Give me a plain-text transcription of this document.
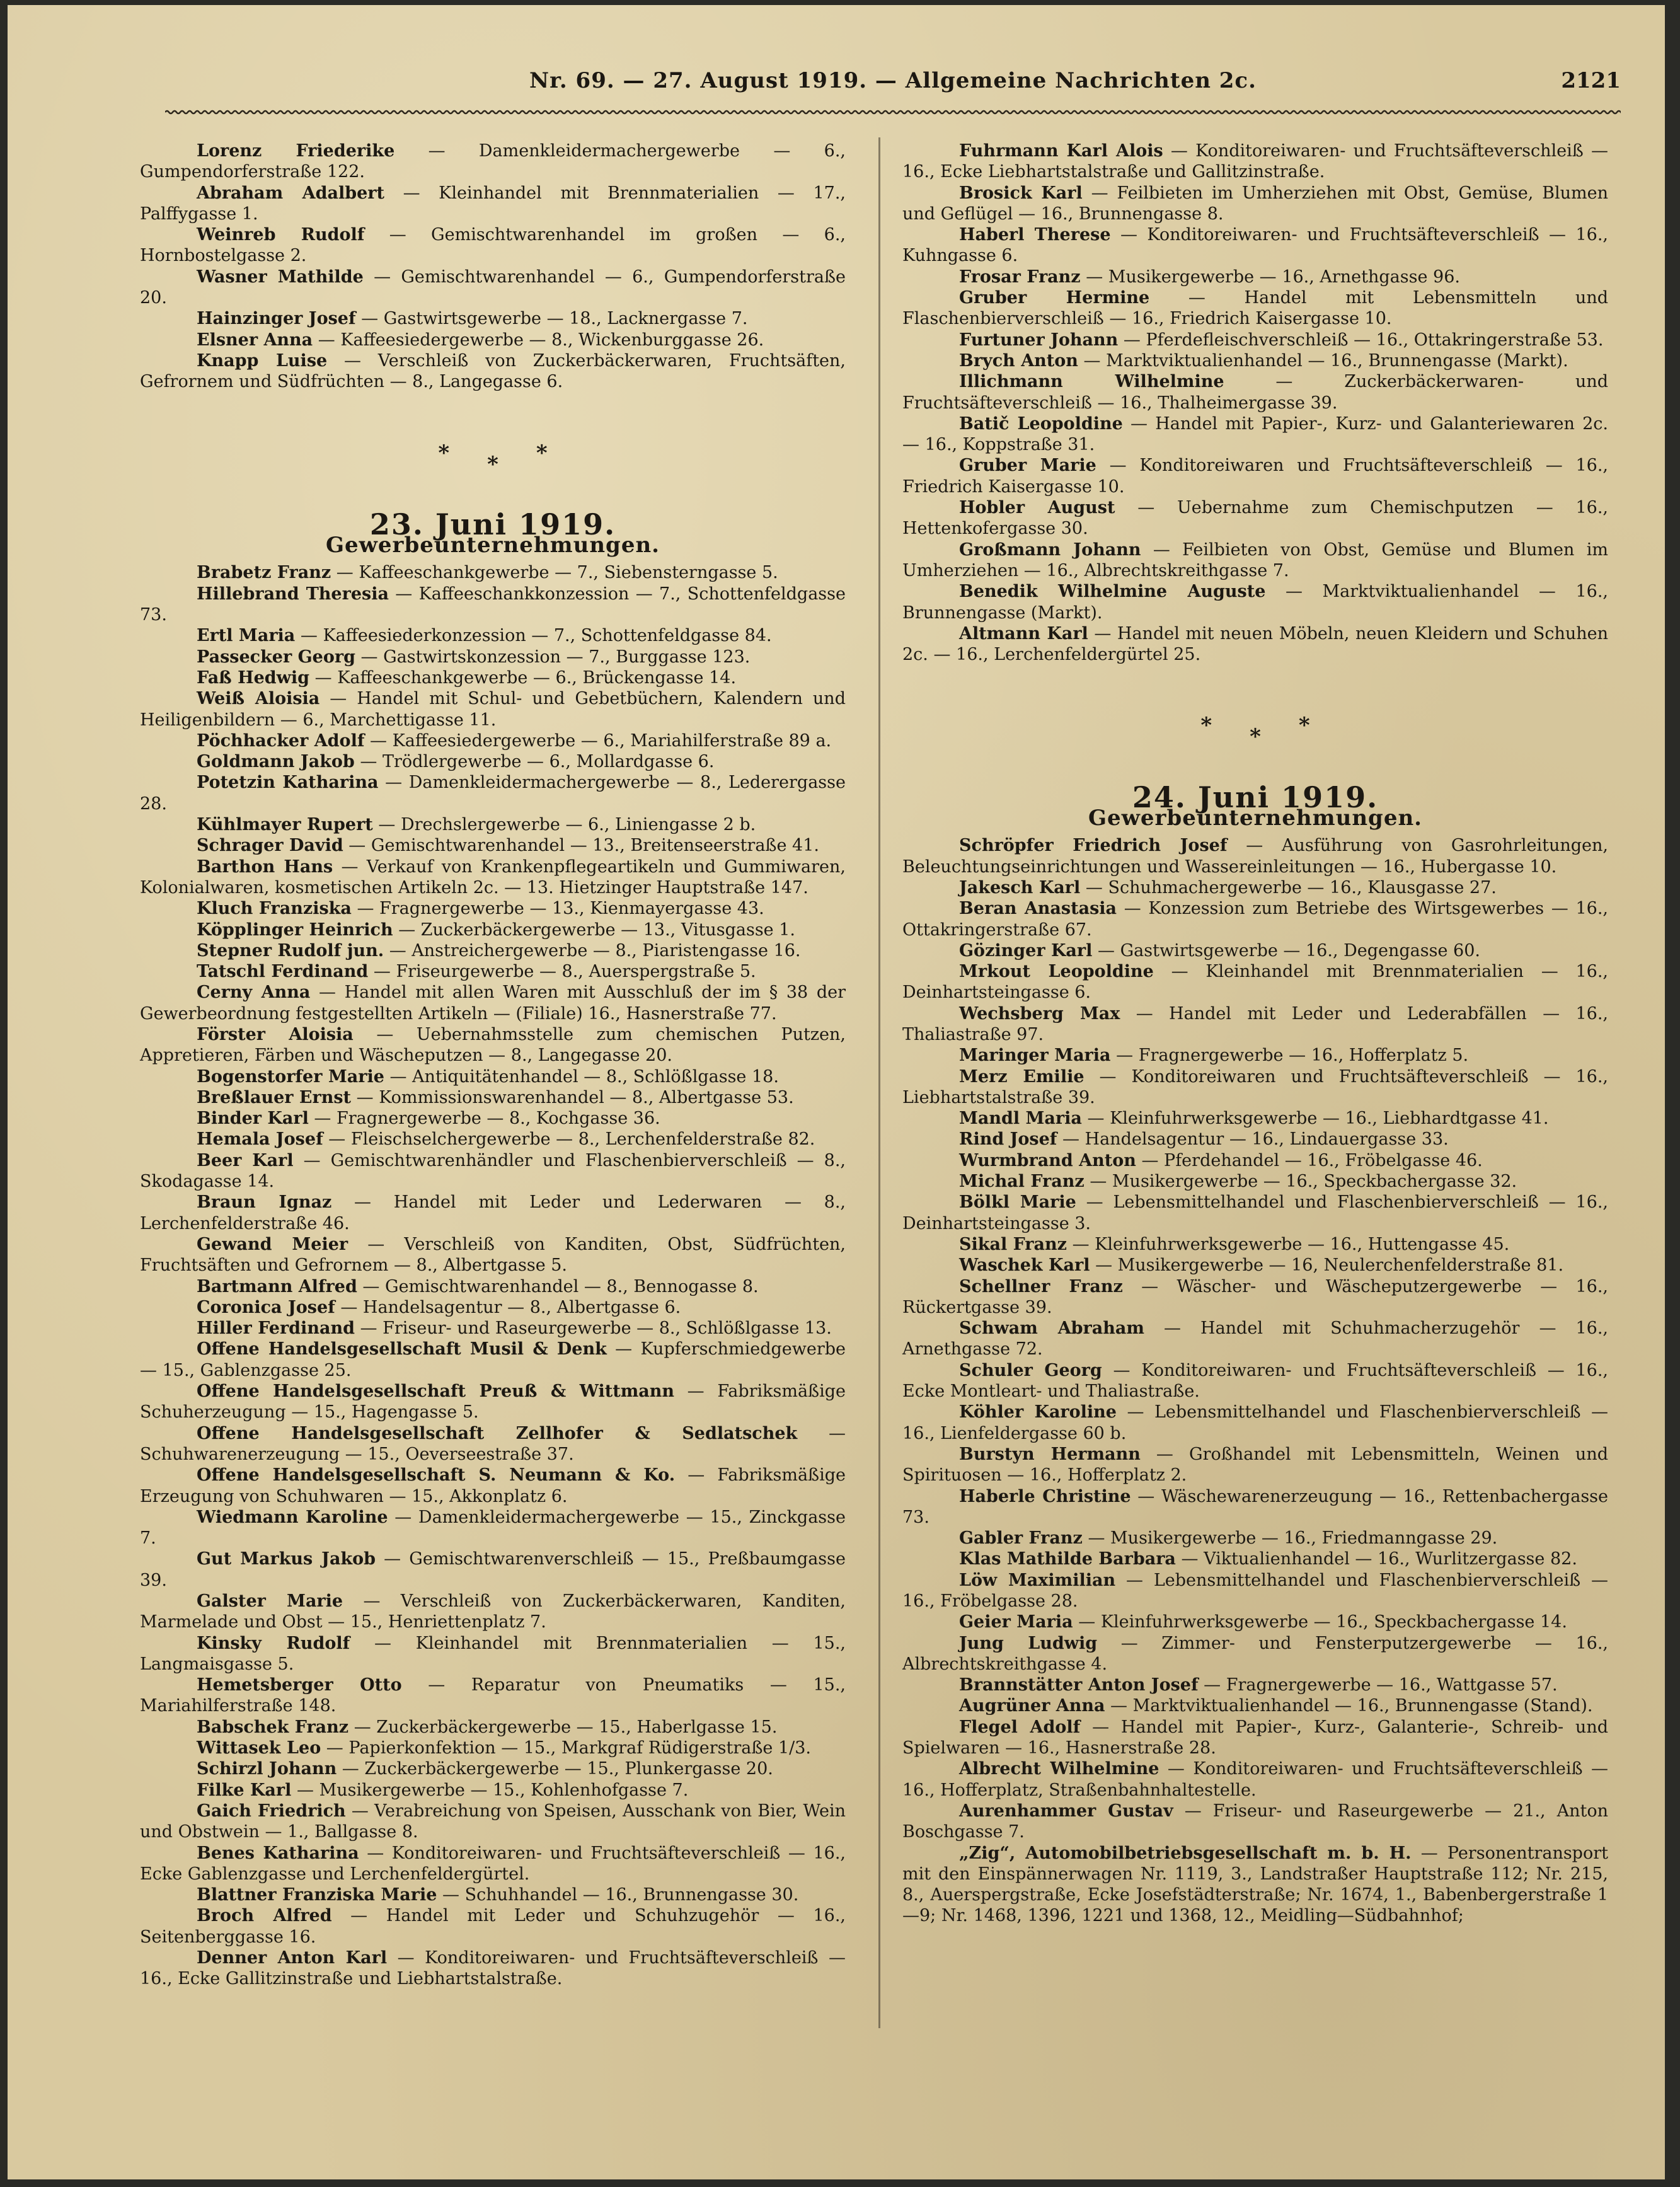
Nr. 69. — 27. August 1919. — Allgemeine Nachrichten 2c.	2121

Lorenz Friederike — Damenkleidermachergewerbe — 6., Gumpendorferstraße 122.

Abraham Adalbert — Kleinhandel mit Brennmaterialien — 17., Palffygasse 1.

Weinreb Rudolf — Gemischtwarenhandel im großen — 6., Hornbostelgasse 2.

Wasner Mathilde — Gemischtwarenhandel — 6., Gumpendorferstraße 20.

Hainzinger Josef — Gastwirtsgewerbe — 18., Lacknergasse 7.

Elsner Anna — Kaffeesiedergewerbe — 8., Wickenburggasse 26.

Knapp Luise — Verschleiß von Zuckerbäckerwaren, Fruchtsäften, Gefrornem und Südfrüchten — 8., Langegasse 6.

***

23. Juni 1919.

Gewerbeunternehmungen.

Brabetz Franz — Kaffeeschankgewerbe — 7., Siebensterngasse 5.

Hillebrand Theresia — Kaffeeschankkonzession — 7., Schottenfeldgasse 73.

Ertl Maria — Kaffeesiederkonzession — 7., Schottenfeldgasse 84.

Passecker Georg — Gastwirtskonzession — 7., Burggasse 123.

Faß Hedwig — Kaffeeschankgewerbe — 6., Brückengasse 14.

Weiß Aloisia — Handel mit Schul- und Gebetbüchern, Kalendern und Heiligenbildern — 6., Marchettigasse 11.

Pöchhacker Adolf — Kaffeesiedergewerbe — 6., Mariahilferstraße 89 a.

Goldmann Jakob — Trödlergewerbe — 6., Mollardgasse 6.

Potetzin Katharina — Damenkleidermachergewerbe — 8., Lederergasse 28.

Kühlmayer Rupert — Drechslergewerbe — 6., Liniengasse 2 b.

Schrager David — Gemischtwarenhandel — 13., Breitenseerstraße 41.

Barthon Hans — Verkauf von Krankenpflegeartikeln und Gummiwaren, Kolonialwaren, kosmetischen Artikeln 2c. — 13. Hietzinger Hauptstraße 147.

Kluch Franziska — Fragnergewerbe — 13., Kienmayergasse 43.

Köpplinger Heinrich — Zuckerbäckergewerbe — 13., Vitusgasse 1.

Stepner Rudolf jun. — Anstreichergewerbe — 8., Piaristengasse 16.

Tatschl Ferdinand — Friseurgewerbe — 8., Auerspergstraße 5.

Cerny Anna — Handel mit allen Waren mit Ausschluß der im § 38 der Gewerbeordnung festgestellten Artikeln — (Filiale) 16., Hasnerstraße 77.

Förster Aloisia — Uebernahmsstelle zum chemischen Putzen, Appretieren, Färben und Wäscheputzen — 8., Langegasse 20.

Bogenstorfer Marie — Antiquitätenhandel — 8., Schlößlgasse 18.

Breßlauer Ernst — Kommissionswarenhandel — 8., Albertgasse 53.

Binder Karl — Fragnergewerbe — 8., Kochgasse 36.

Hemala Josef — Fleischselchergewerbe — 8., Lerchenfelderstraße 82.

Beer Karl — Gemischtwarenhändler und Flaschenbierverschleiß — 8., Skodagasse 14.

Braun Ignaz — Handel mit Leder und Lederwaren — 8., Lerchenfelderstraße 46.

Gewand Meier — Verschleiß von Kanditen, Obst, Südfrüchten, Fruchtsäften und Gefrornem — 8., Albertgasse 5.

Bartmann Alfred — Gemischtwarenhandel — 8., Bennogasse 8.

Coronica Josef — Handelsagentur — 8., Albertgasse 6.

Hiller Ferdinand — Friseur- und Raseurgewerbe — 8., Schlößlgasse 13.

Offene Handelsgesellschaft Musil & Denk — Kupferschmiedgewerbe — 15., Gablenzgasse 25.

Offene Handelsgesellschaft Preuß & Wittmann — Fabriksmäßige Schuherzeugung — 15., Hagengasse 5.

Offene Handelsgesellschaft Zellhofer & Sedlatschek — Schuhwarenerzeugung — 15., Oeverseestraße 37.

Offene Handelsgesellschaft S. Neumann & Ko. — Fabriksmäßige Erzeugung von Schuhwaren — 15., Akkonplatz 6.

Wiedmann Karoline — Damenkleidermachergewerbe — 15., Zinckgasse 7.

Gut Markus Jakob — Gemischtwarenverschleiß — 15., Preßbaumgasse 39.

Galster Marie — Verschleiß von Zuckerbäckerwaren, Kanditen, Marmelade und Obst — 15., Henriettenplatz 7.

Kinsky Rudolf — Kleinhandel mit Brennmaterialien — 15., Langmaisgasse 5.

Hemetsberger Otto — Reparatur von Pneumatiks — 15., Mariahilferstraße 148.

Babschek Franz — Zuckerbäckergewerbe — 15., Haberlgasse 15.

Wittasek Leo — Papierkonfektion — 15., Markgraf Rüdigerstraße 1/3.

Schirzl Johann — Zuckerbäckergewerbe — 15., Plunkergasse 20.

Filke Karl — Musikergewerbe — 15., Kohlenhofgasse 7.

Gaich Friedrich — Verabreichung von Speisen, Ausschank von Bier, Wein und Obstwein — 1., Ballgasse 8.

Benes Katharina — Konditoreiwaren- und Fruchtsäfteverschleiß — 16., Ecke Gablenzgasse und Lerchenfeldergürtel.

Blattner Franziska Marie — Schuhhandel — 16., Brunnengasse 30.

Broch Alfred — Handel mit Leder und Schuhzugehör — 16., Seitenberggasse 16.

Denner Anton Karl — Konditoreiwaren- und Fruchtsäfteverschleiß — 16., Ecke Gallitzinstraße und Liebhartstalstraße.

Fuhrmann Karl Alois — Konditoreiwaren- und Fruchtsäfteverschleiß — 16., Ecke Liebhartstalstraße und Gallitzinstraße.

Brosick Karl — Feilbieten im Umherziehen mit Obst, Gemüse, Blumen und Geflügel — 16., Brunnengasse 8.

Haberl Therese — Konditoreiwaren- und Fruchtsäfteverschleiß — 16., Kuhngasse 6.

Frosar Franz — Musikergewerbe — 16., Arnethgasse 96.

Gruber Hermine — Handel mit Lebensmitteln und Flaschenbierverschleiß — 16., Friedrich Kaisergasse 10.

Furtuner Johann — Pferdefleischverschleiß — 16., Ottakringerstraße 53.

Brych Anton — Marktviktualienhandel — 16., Brunnengasse (Markt).

Illichmann Wilhelmine — Zuckerbäckerwaren- und Fruchtsäfteverschleiß — 16., Thalheimergasse 39.

Batič Leopoldine — Handel mit Papier-, Kurz- und Galanteriewaren 2c. — 16., Koppstraße 31.

Gruber Marie — Konditoreiwaren und Fruchtsäfteverschleiß — 16., Friedrich Kaisergasse 10.

Hobler August — Uebernahme zum Chemischputzen — 16., Hettenkofergasse 30.

Großmann Johann — Feilbieten von Obst, Gemüse und Blumen im Umherziehen — 16., Albrechtskreithgasse 7.

Benedik Wilhelmine Auguste — Marktviktualienhandel — 16., Brunnengasse (Markt).

Altmann Karl — Handel mit neuen Möbeln, neuen Kleidern und Schuhen 2c. — 16., Lerchenfeldergürtel 25.

***

24. Juni 1919.

Gewerbeunternehmungen.

Schröpfer Friedrich Josef — Ausführung von Gasrohrleitungen, Beleuchtungseinrichtungen und Wassereinleitungen — 16., Hubergasse 10.

Jakesch Karl — Schuhmachergewerbe — 16., Klausgasse 27.

Beran Anastasia — Konzession zum Betriebe des Wirtsgewerbes — 16., Ottakringerstraße 67.

Gözinger Karl — Gastwirtsgewerbe — 16., Degengasse 60.

Mrkout Leopoldine — Kleinhandel mit Brennmaterialien — 16., Deinhartsteingasse 6.

Wechsberg Max — Handel mit Leder und Lederabfällen — 16., Thaliastraße 97.

Maringer Maria — Fragnergewerbe — 16., Hofferplatz 5.

Merz Emilie — Konditoreiwaren und Fruchtsäfteverschleiß — 16., Liebhartstalstraße 39.

Mandl Maria — Kleinfuhrwerksgewerbe — 16., Liebhardtgasse 41.

Rind Josef — Handelsagentur — 16., Lindauergasse 33.

Wurmbrand Anton — Pferdehandel — 16., Fröbelgasse 46.

Michal Franz — Musikergewerbe — 16., Speckbachergasse 32.

Bölkl Marie — Lebensmittelhandel und Flaschenbierverschleiß — 16., Deinhartsteingasse 3.

Sikal Franz — Kleinfuhrwerksgewerbe — 16., Huttengasse 45.

Waschek Karl — Musikergewerbe — 16, Neulerchenfelderstraße 81.

Schellner Franz — Wäscher- und Wäscheputzergewerbe — 16., Rückertgasse 39.

Schwam Abraham — Handel mit Schuhmacherzugehör — 16., Arnethgasse 72.

Schuler Georg — Konditoreiwaren- und Fruchtsäfteverschleiß — 16., Ecke Montleart- und Thaliastraße.

Köhler Karoline — Lebensmittelhandel und Flaschenbierverschleiß — 16., Lienfeldergasse 60 b.

Burstyn Hermann — Großhandel mit Lebensmitteln, Weinen und Spirituosen — 16., Hofferplatz 2.

Haberle Christine — Wäschewarenerzeugung — 16., Rettenbachergasse 73.

Gabler Franz — Musikergewerbe — 16., Friedmanngasse 29.

Klas Mathilde Barbara — Viktualienhandel — 16., Wurlitzergasse 82.

Löw Maximilian — Lebensmittelhandel und Flaschenbierverschleiß — 16., Fröbelgasse 28.

Geier Maria — Kleinfuhrwerksgewerbe — 16., Speckbachergasse 14.

Jung Ludwig — Zimmer- und Fensterputzergewerbe — 16., Albrechtskreithgasse 4.

Brannstätter Anton Josef — Fragnergewerbe — 16., Wattgasse 57.

Augrüner Anna — Marktviktualienhandel — 16., Brunnengasse (Stand).

Flegel Adolf — Handel mit Papier-, Kurz-, Galanterie-, Schreib- und Spielwaren — 16., Hasnerstraße 28.

Albrecht Wilhelmine — Konditoreiwaren- und Fruchtsäfteverschleiß — 16., Hofferplatz, Straßenbahnhaltestelle.

Aurenhammer Gustav — Friseur- und Raseurgewerbe — 21., Anton Boschgasse 7.

„Zig“, Automobilbetriebsgesellschaft m. b. H. — Personentransport mit den Einspännerwagen Nr. 1119, 3., Landstraßer Hauptstraße 112; Nr. 215, 8., Auerspergstraße, Ecke Josefstädterstraße; Nr. 1674, 1., Babenbergerstraße 1—9; Nr. 1468, 1396, 1221 und 1368, 12., Meidling—Südbahnhof;
